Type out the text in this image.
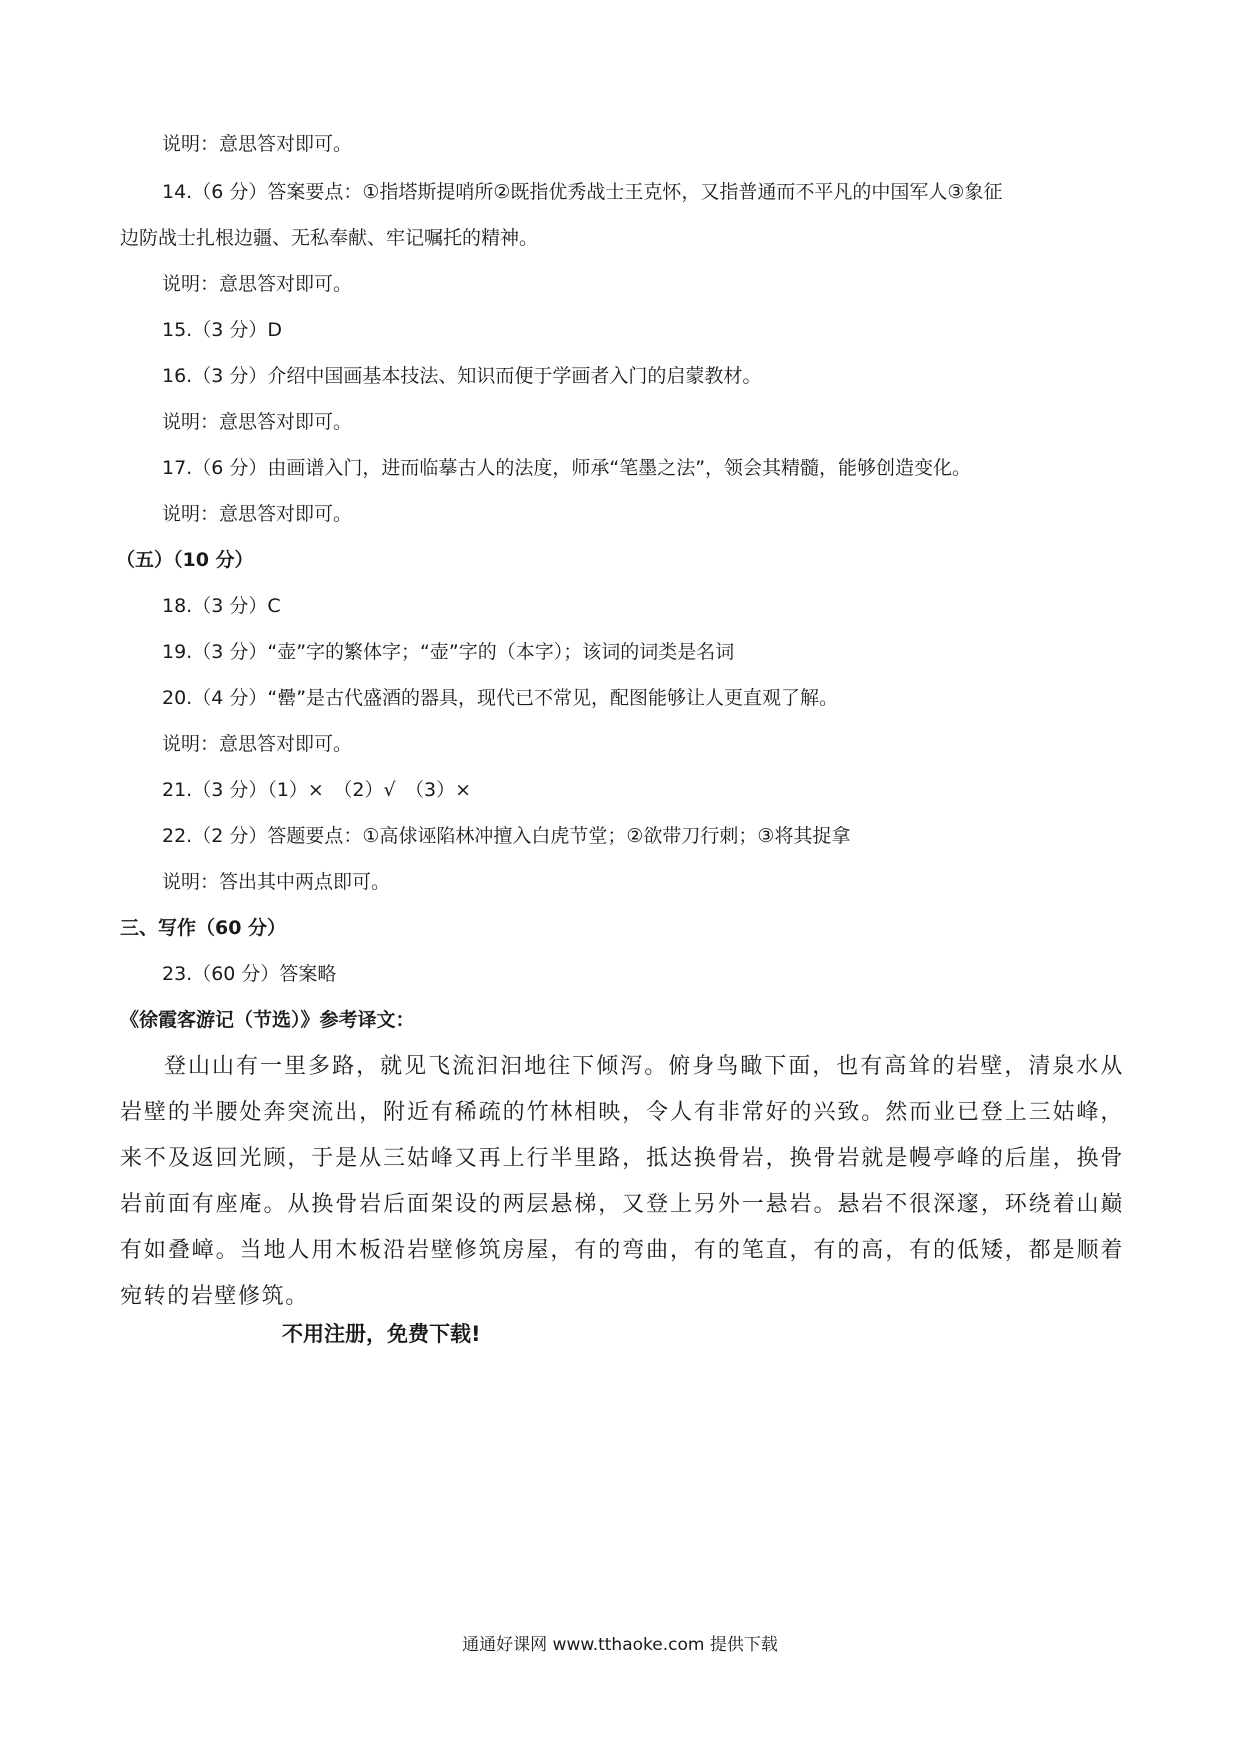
说明：意思答对即可。
14.（6 分）答案要点：①指塔斯提哨所②既指优秀战士王克怀，又指普通而不平凡的中国军人③象征
边防战士扎根边疆、无私奉献、牢记嘱托的精神。
说明：意思答对即可。
15.（3 分）D
16.（3 分）介绍中国画基本技法、知识而便于学画者入门的启蒙教材。
说明：意思答对即可。
17.（6 分）由画谱入门，进而临摹古人的法度，师承“笔墨之法”，领会其精髓，能够创造变化。
说明：意思答对即可。
（五）（10 分）
18.（3 分）C
19.（3 分）“壶”字的繁体字；“壶”字的（本字）；该词的词类是名词
20.（4 分）“罍”是古代盛酒的器具，现代已不常见，配图能够让人更直观了解。
说明：意思答对即可。
21.（3 分）（1）×　（2）√　（3）×
22.（2 分）答题要点：①高俅诬陷林冲擅入白虎节堂；②欲带刀行刺；③将其捉拿
说明：答出其中两点即可。
三、写作（60 分）
23.（60 分）答案略
《徐霞客游记（节选）》参考译文：
登山山有一里多路，就见飞流汩汩地往下倾泻。俯身鸟瞰下面，也有高耸的岩壁，清泉水从岩壁的半腰处奔突流出，附近有稀疏的竹林相映，令人有非常好的兴致。然而业已登上三姑峰，来不及返回光顾，于是从三姑峰又再上行半里路，抵达换骨岩，换骨岩就是幔亭峰的后崖，换骨岩前面有座庵。从换骨岩后面架设的两层悬梯，又登上另外一悬岩。悬岩不很深邃，环绕着山巅有如叠嶂。当地人用木板沿岩壁修筑房屋，有的弯曲，有的笔直，有的高，有的低矮，都是顺着宛转的岩壁修筑。
不用注册，免费下载!
通通好课网 www.tthaoke.com 提供下载
